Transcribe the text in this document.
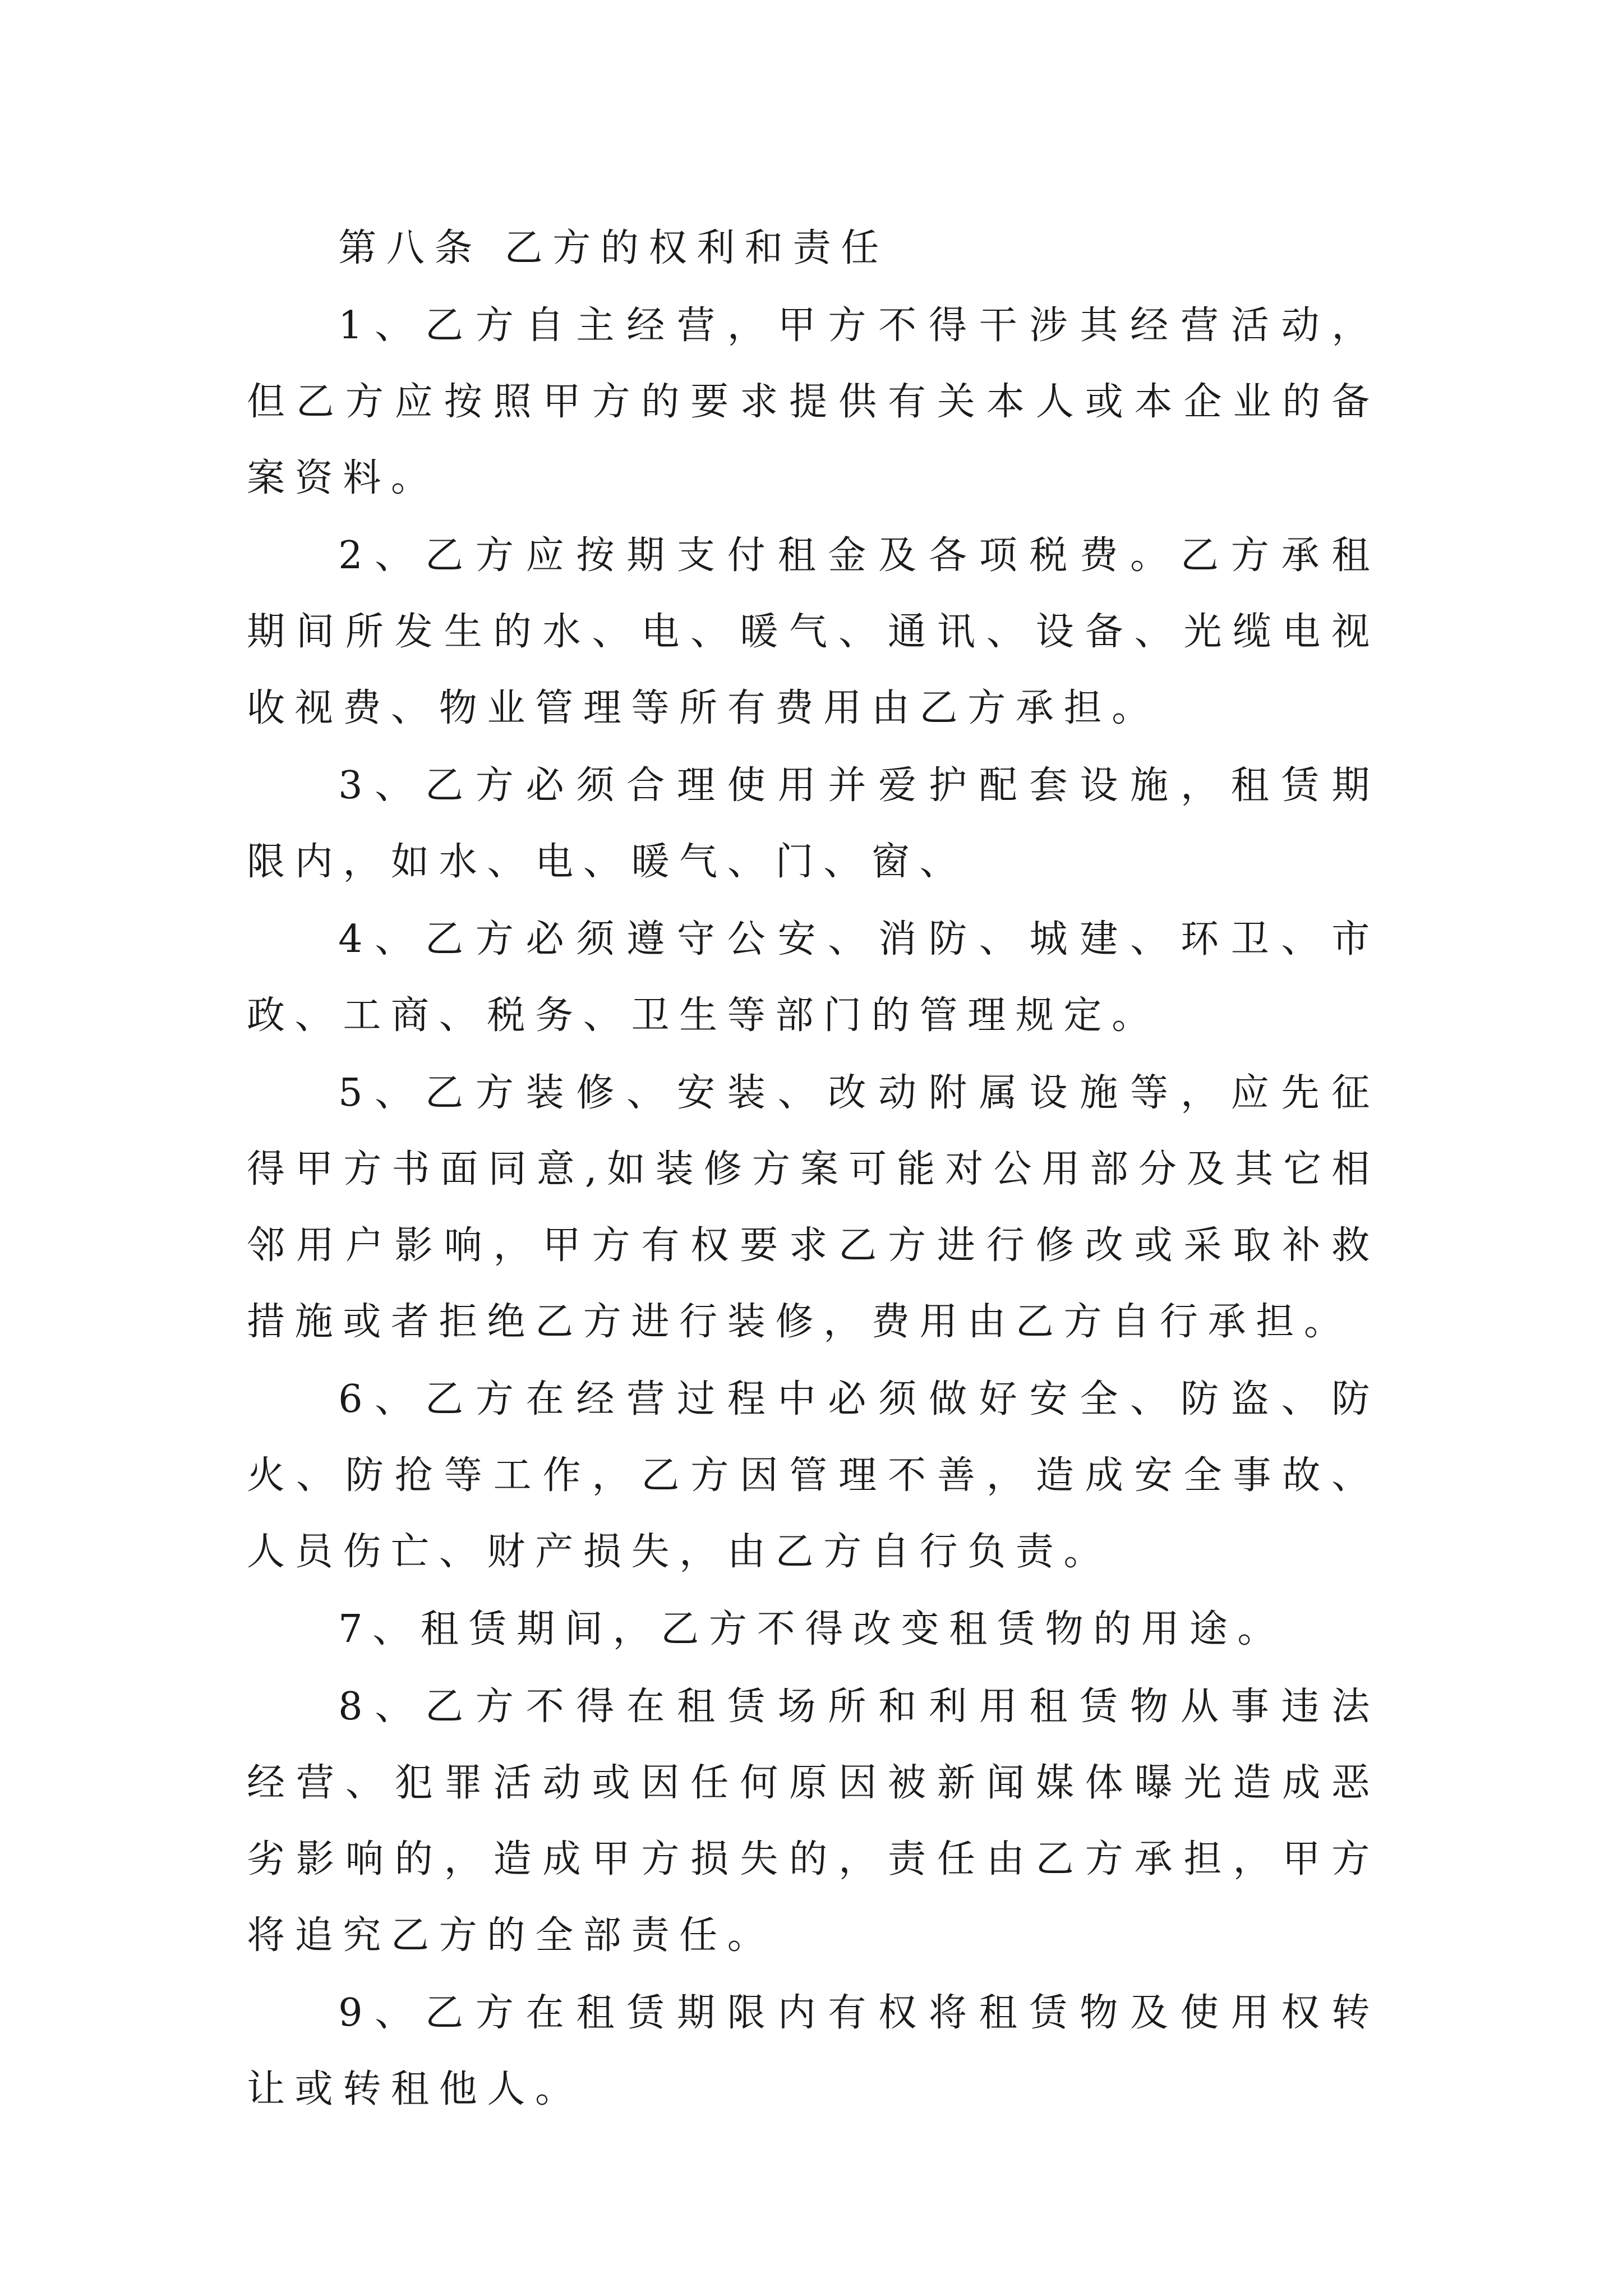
第八条 乙方的权利和责任

1、乙方自主经营，甲方不得干涉其经营活动，但乙方应按照甲方的要求提供有关本人或本企业的备案资料。

2、乙方应按期支付租金及各项税费。乙方承租期间所发生的水、电、暖气、通讯、设备、光缆电视收视费、物业管理等所有费用由乙方承担。

3、乙方必须合理使用并爱护配套设施，租赁期限内，如水、电、暖气、门、窗、

4、乙方必须遵守公安、消防、城建、环卫、市政、工商、税务、卫生等部门的管理规定。

5、乙方装修、安装、改动附属设施等，应先征得甲方书面同意,如装修方案可能对公用部分及其它相邻用户影响，甲方有权要求乙方进行修改或采取补救措施或者拒绝乙方进行装修，费用由乙方自行承担。

6、乙方在经营过程中必须做好安全、防盗、防火、防抢等工作，乙方因管理不善，造成安全事故、人员伤亡、财产损失，由乙方自行负责。

7、租赁期间，乙方不得改变租赁物的用途。

8、乙方不得在租赁场所和利用租赁物从事违法经营、犯罪活动或因任何原因被新闻媒体曝光造成恶劣影响的，造成甲方损失的，责任由乙方承担，甲方将追究乙方的全部责任。

9、乙方在租赁期限内有权将租赁物及使用权转让或转租他人。
